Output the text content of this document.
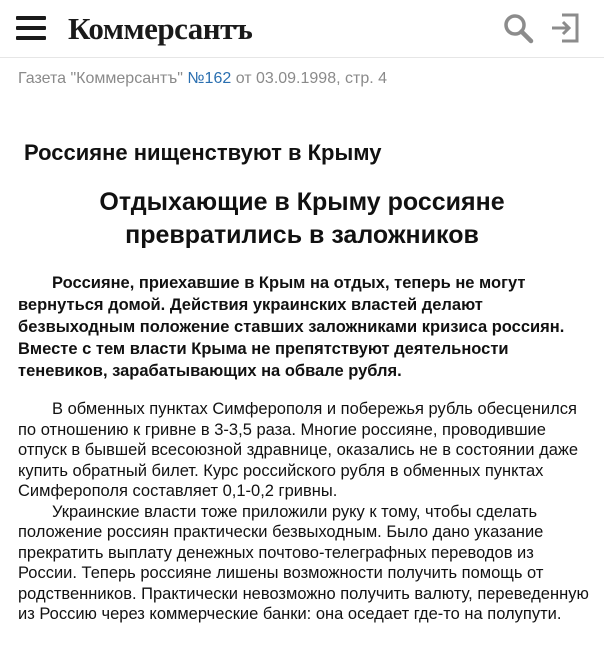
Коммерсантъ
Газета "Коммерсантъ" №162 от 03.09.1998, стр. 4
Россияне нищенствуют в Крыму
Отдыхающие в Крыму россияне превратились в заложников

Россияне, приехавшие в Крым на отдых, теперь не могут вернуться домой. Действия украинских властей делают безвыходным положение ставших заложниками кризиса россиян. Вместе с тем власти Крыма не препятствуют деятельности теневиков, зарабатывающих на обвале рубля.

В обменных пунктах Симферополя и побережья рубль обесценился по отношению к гривне в 3-3,5 раза. Многие россияне, проводившие отпуск в бывшей всесоюзной здравнице, оказались не в состоянии даже купить обратный билет. Курс российского рубля в обменных пунктах Симферополя составляет 0,1-0,2 гривны.

Украинские власти тоже приложили руку к тому, чтобы сделать положение россиян практически безвыходным. Было дано указание прекратить выплату денежных почтово-телеграфных переводов из России. Теперь россияне лишены возможности получить помощь от родственников. Практически невозможно получить валюту, переведенную из Россию через коммерческие банки: она оседает где-то на полупути.
